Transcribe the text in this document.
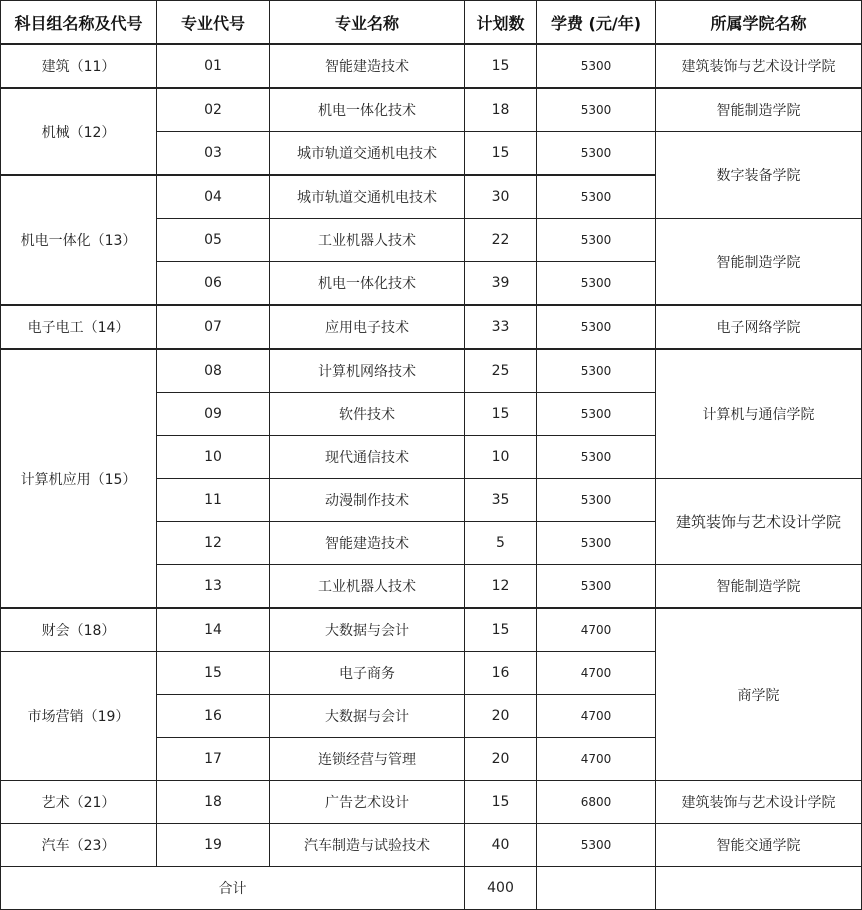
科目组名称及代号	专业代号	专业名称	计划数	学费 (元/年)	所属学院名称
建筑（11）	01	智能建造技术	15	5300	建筑装饰与艺术设计学院
机械（12）	02	机电一体化技术	18	5300	智能制造学院
	03	城市轨道交通机电技术	15	5300	数字装备学院
机电一体化（13）	04	城市轨道交通机电技术	30	5300	
	05	工业机器人技术	22	5300	智能制造学院
	06	机电一体化技术	39	5300	
电子电工（14）	07	应用电子技术	33	5300	电子网络学院
计算机应用（15）	08	计算机网络技术	25	5300	计算机与通信学院
	09	软件技术	15	5300	
	10	现代通信技术	10	5300	
	11	动漫制作技术	35	5300	建筑装饰与艺术设计学院
	12	智能建造技术	5	5300	
	13	工业机器人技术	12	5300	智能制造学院
财会（18）	14	大数据与会计	15	4700	商学院
市场营销（19）	15	电子商务	16	4700	
	16	大数据与会计	20	4700	
	17	连锁经营与管理	20	4700	
艺术（21）	18	广告艺术设计	15	6800	建筑装饰与艺术设计学院
汽车（23）	19	汽车制造与试验技术	40	5300	智能交通学院
合计			400		
